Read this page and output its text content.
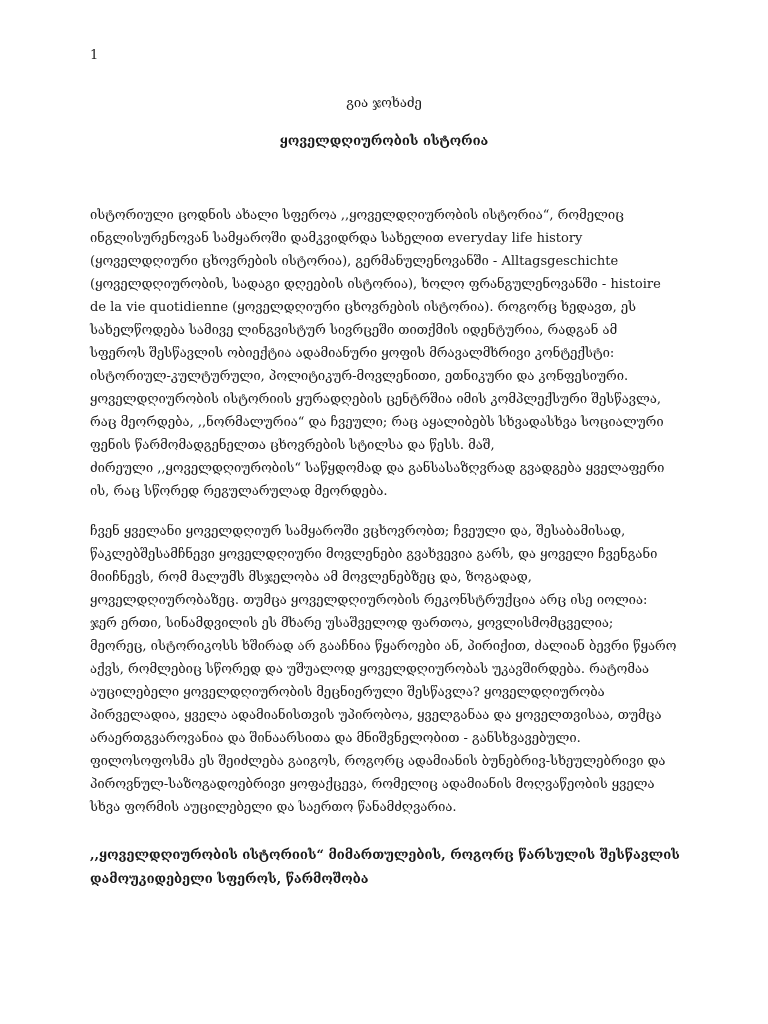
1
გია ჯოხაძე
ყოველდღიურობის ისტორია
ისტორიული ცოდნის ახალი სფეროა ,,ყოველდღიურობის ისტორია“, რომელიც
ინგლისურენოვან სამყაროში დამკვიდრდა სახელით everyday life history
(ყოველდღიური ცხოვრების ისტორია), გერმანულენოვანში - Alltagsgeschichte
(ყოველდღიურობის, სადაგი დღეების ისტორია), ხოლო ფრანგულენოვანში - histoire
de la vie quotidienne (ყოველდღიური ცხოვრების ისტორია). როგორც ხედავთ, ეს
სახელწოდება სამივე ლინგვისტურ სივრცეში თითქმის იდენტურია, რადგან ამ
სფეროს შესწავლის ობიექტია ადამიანური ყოფის მრავალმხრივი კონტექსტი:
ისტორიულ-კულტურული, პოლიტიკურ-მოვლენითი, ეთნიკური და კონფესიური.
ყოველდღიურობის ისტორიის ყურადღების ცენტრშია იმის კომპლექსური შესწავლა,
რაც მეორდება, ,,ნორმალურია“ და ჩვეული; რაც აყალიბებს სხვადასხვა სოციალური
ფენის წარმომადგენელთა ცხოვრების სტილსა და წესს. მაშ,
ძირეული ,,ყოველდღიურობის“ საწყდომად და განსასაზღვრად გვადგება ყველაფერი
ის, რაც სწორედ რეგულარულად მეორდება.
ჩვენ ყველანი ყოველდღიურ სამყაროში ვცხოვრობთ; ჩვეული და, შესაბამისად,
წაკლებშესამჩნევი ყოველდღიური მოვლენები გვახვევია გარს, და ყოველი ჩვენგანი
მიიჩნევს, რომ მალუმს მსჯელობა ამ მოვლენებზეც და, ზოგადად,
ყოველდღიურობაზეც. თუმცა ყოველდღიურობის რეკონსტრუქცია არც ისე იოლია:
ჯერ ერთი, სინამდვილის ეს მხარე უსაშველოდ ფართოა, ყოვლისმომცველია;
მეორეც, ისტორიკოსს ხშირად არ გააჩნია წყაროები ან, პირიქით, ძალიან ბევრი წყარო
აქვს, რომლებიც სწორედ და უშუალოდ ყოველდღიურობას უკავშირდება. რატომაა
აუცილებელი ყოველდღიურობის მეცნიერული შესწავლა? ყოველდღიურობა
პირველადია, ყველა ადამიანისთვის უპირობოა, ყველგანაა და ყოველთვისაა, თუმცა
არაერთგვაროვანია და შინაარსითა და მნიშვნელობით - განსხვავებული.
ფილოსოფოსმა ეს შეიძლება გაიგოს, როგორც ადამიანის ბუნებრივ-სხეულებრივი და
პიროვნულ-საზოგადოებრივი ყოფაქცევა, რომელიც ადამიანის მოღვაწეობის ყველა
სხვა ფორმის აუცილებელი და საერთო წანამძღვარია.
,,ყოველდღიურობის ისტორიის“ მიმართულების, როგორც წარსულის შესწავლის
დამოუკიდებელი სფეროს, წარმოშობა
